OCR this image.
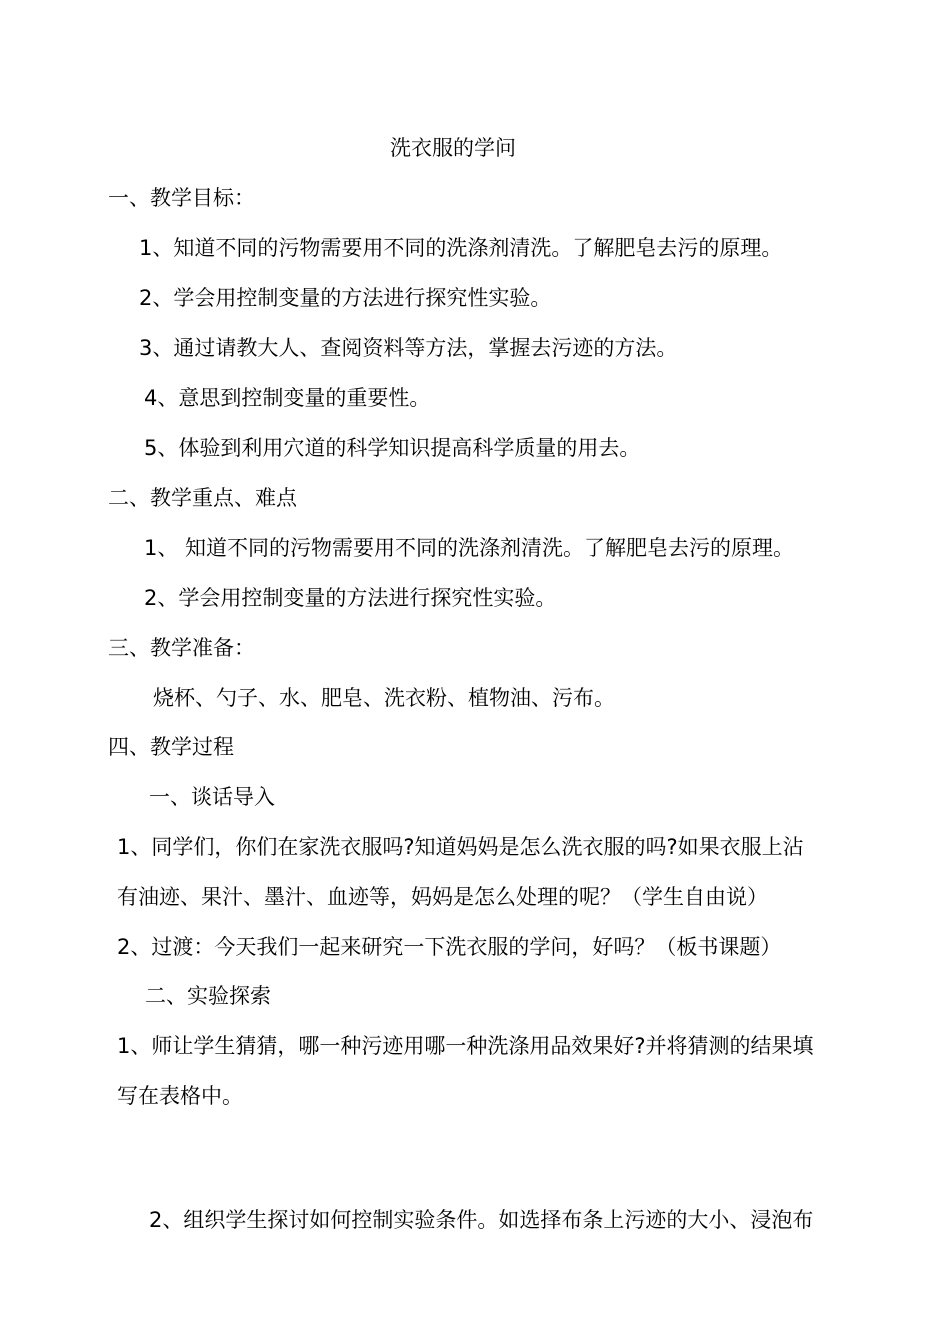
洗衣服的学问
一、教学目标：
1、知道不同的污物需要用不同的洗涤剂清洗。了解肥皂去污的原理。
2、学会用控制变量的方法进行探究性实验。
3、通过请教大人、查阅资料等方法，掌握去污迹的方法。
4、意思到控制变量的重要性。
5、体验到利用穴道的科学知识提高科学质量的用去。
二、教学重点、难点
1、 知道不同的污物需要用不同的洗涤剂清洗。了解肥皂去污的原理。
2、学会用控制变量的方法进行探究性实验。
三、教学准备：
烧杯、勺子、水、肥皂、洗衣粉、植物油、污布。
四、教学过程
一、谈话导入
1、同学们，你们在家洗衣服吗?知道妈妈是怎么洗衣服的吗?如果衣服上沾
有油迹、果汁、墨汁、血迹等，妈妈是怎么处理的呢？（学生自由说）
2、过渡：今天我们一起来研究一下洗衣服的学问，好吗？（板书课题）
二、实验探索
1、师让学生猜猜，哪一种污迹用哪一种洗涤用品效果好?并将猜测的结果填
写在表格中。
2、组织学生探讨如何控制实验条件。如选择布条上污迹的大小、浸泡布
